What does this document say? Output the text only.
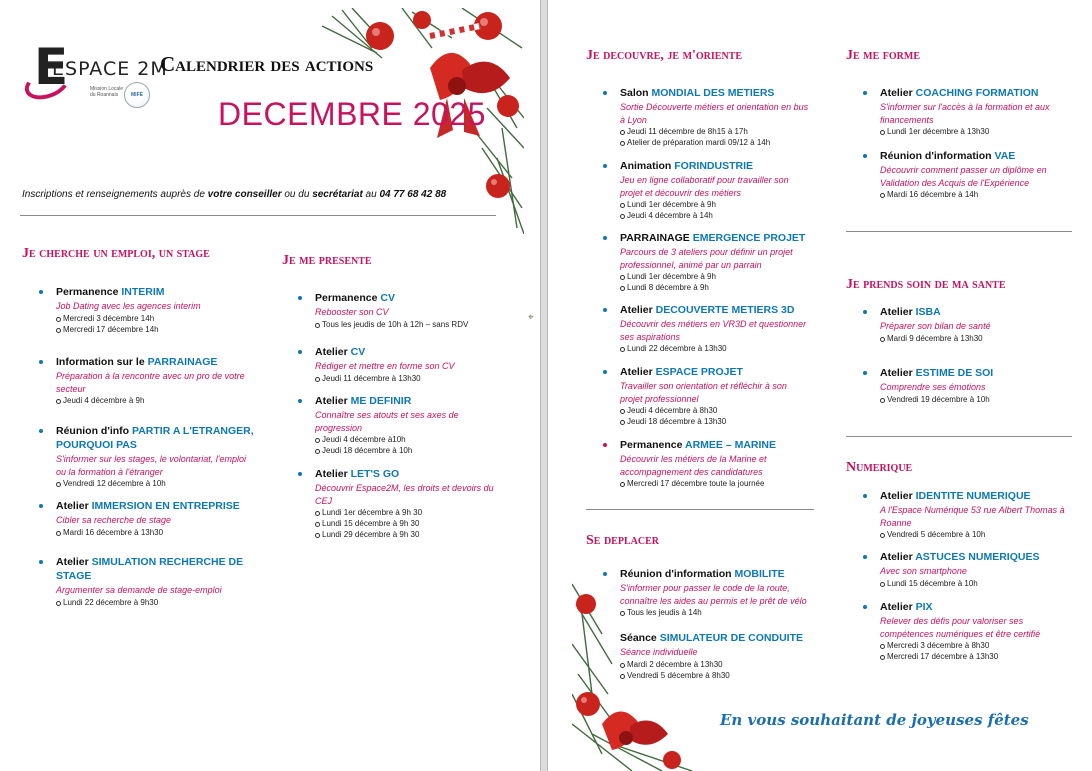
E
ESPACE 2M
Mission Locale
du Roannais	MIFE
Calendrier des actions
DECEMBRE 2025
Inscriptions et renseignements auprès de votre conseiller ou du secrétariat au 04 77 68 42 88
Je cherche un emploi, un stage
Permanence INTERIM
Job Dating avec les agences interim
Mercredi 3 décembre 14h
Mercredi 17 décembre 14h
Information sur le PARRAINAGE
Préparation à la rencontre avec un pro de votre secteur
Jeudi 4 décembre à 9h
Réunion d'info PARTIR A L'ETRANGER, POURQUOI PAS
S'informer sur les stages, le volontariat, l'emploi ou la formation à l'étranger
Vendredi 12 décembre à 10h
Atelier IMMERSION EN ENTREPRISE
Cibler sa recherche de stage
Mardi 16 décembre à 13h30
Atelier SIMULATION RECHERCHE DE STAGE
Argumenter sa demande de stage-emploi
Lundi 22 décembre à 9h30
Je me presente
Permanence CV
Rebooster son CV
Tous les jeudis de 10h à 12h – sans RDV
Atelier CV
Rédiger et mettre en forme son CV
Jeudi 11 décembre à 13h30
Atelier ME DEFINIR
Connaître ses atouts et ses axes de progression
Jeudi 4 décembre à10h
Jeudi 18 décembre à 10h
Atelier LET'S GO
Découvrir Espace2M, les droits et devoirs du CEJ
Lundi 1er décembre à 9h 30
Lundi 15 décembre à 9h 30
Lundi 29 décembre à 9h 30
⌖
Je decouvre, je m'oriente
Salon MONDIAL DES METIERS
Sortie Découverte métiers et orientation en bus à Lyon
Jeudi 11 décembre de 8h15 à 17h
Atelier de préparation mardi 09/12 à 14h
Animation FORINDUSTRIE
Jeu en ligne collaboratif pour travailler son projet et découvrir des métiers
Lundi 1er décembre à 9h
Jeudi 4 décembre à 14h
PARRAINAGE EMERGENCE PROJET
Parcours de 3 ateliers pour définir un projet professionnel, animé par un parrain
Lundi 1er décembre à 9h
Lundi 8 décembre à 9h
Atelier DECOUVERTE METIERS 3D
Découvrir des métiers en VR3D et questionner ses aspirations
Lundi 22 décembre à 13h30
Atelier ESPACE PROJET
Travailler son orientation et réfléchir à son projet professionnel
Jeudi 4 décembre à 8h30
Jeudi 18 décembre à 13h30
Permanence ARMEE – MARINE
Découvrir les métiers de la Marine et accompagnement des candidatures
Mercredi 17 décembre toute la journée
Se deplacer
Réunion d'information MOBILITE
S'informer pour passer le code de la route, connaître les aides au permis et le prêt de vélo
Tous les jeudis à 14h
Séance SIMULATEUR DE CONDUITE
Séance individuelle
Mardi 2 décembre à 13h30
Vendredi 5 décembre à 8h30
Je me forme
Atelier COACHING FORMATION
S'informer sur l'accès à la formation et aux financements
Lundi 1er décembre à 13h30
Réunion d'information VAE
Découvrir comment passer un diplôme en Validation des Acquis de l'Expérience
Mardi 16 décembre à 14h
Je prends soin de ma sante
Atelier ISBA
Préparer son bilan de santé
Mardi 9 décembre à 13h30
Atelier ESTIME DE SOI
Comprendre ses émotions
Vendredi 19 décembre à 10h
Numerique
Atelier IDENTITE NUMERIQUE
A l'Espace Numérique 53 rue Albert Thomas à Roanne
Vendredi 5 décembre à 10h
Atelier ASTUCES NUMERIQUES
Avec son smartphone
Lundi 15 décembre à 10h
Atelier PIX
Relever des défis pour valoriser ses compétences numériques et être certifié
Mercredi 3 décembre à 8h30
Mercredi 17 décembre à 13h30
En vous souhaitant de joyeuses fêtes
